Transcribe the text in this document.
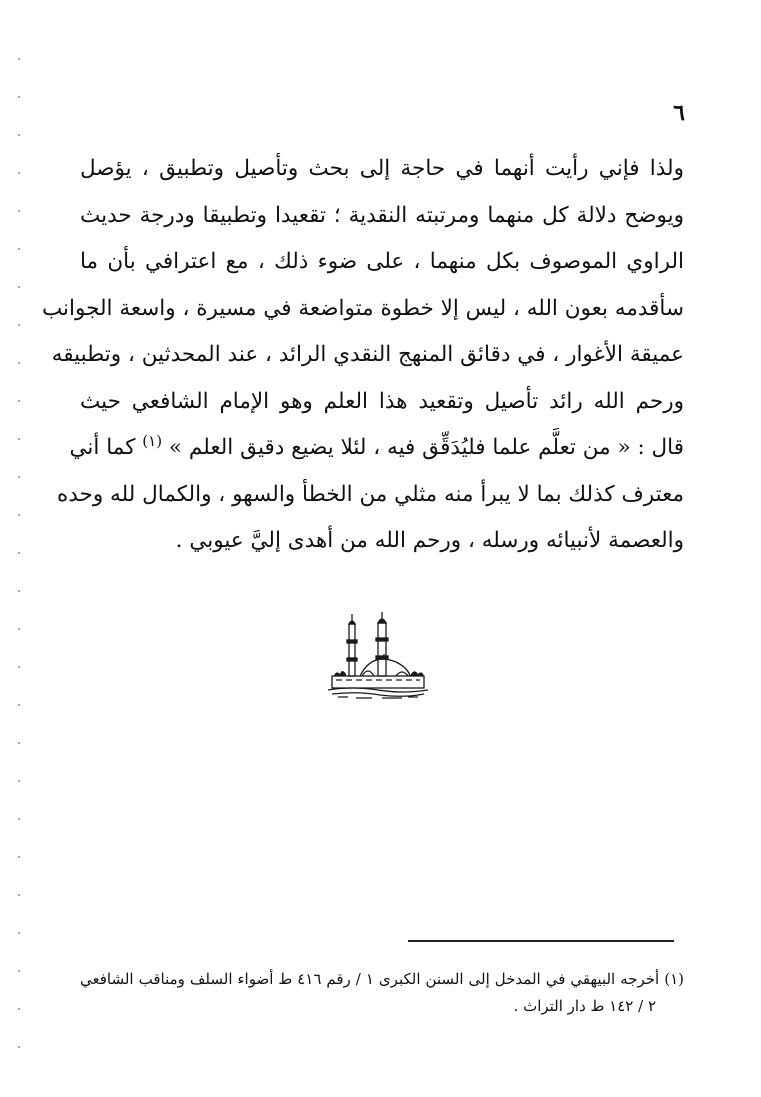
٦
ولذا فإني رأيت أنهما في حاجة إلى بحث وتأصيل وتطبيق ، يؤصل
ويوضح دلالة كل منهما ومرتبته النقدية ؛ تقعيدا وتطبيقا ودرجة حديث
الراوي الموصوف بكل منهما ، على ضوء ذلك ، مع اعترافي بأن ما
سأقدمه بعون الله ، ليس إلا خطوة متواضعة في مسيرة ، واسعة الجوانب
عميقة الأغوار ، في دقائق المنهج النقدي الرائد ، عند المحدثين ، وتطبيقه
ورحم الله رائد تأصيل وتقعيد هذا العلم وهو الإمام الشافعي حيث
قال : « من تعلَّم علما فليُدَقِّق فيه ، لئلا يضيع دقيق العلم » $^{(١)}$ كما أني
معترف كذلك بما لا يبرأ منه مثلي من الخطأ والسهو ، والكمال لله وحده
والعصمة لأنبيائه ورسله ، ورحم الله من أهدى إليَّ عيوبي .
(١) أخرجه البيهقي في المدخل إلى السنن الكبرى ١ / رقم ٤١٦ ط أضواء السلف ومناقب الشافعي
٢ / ١٤٢ ط دار التراث .
